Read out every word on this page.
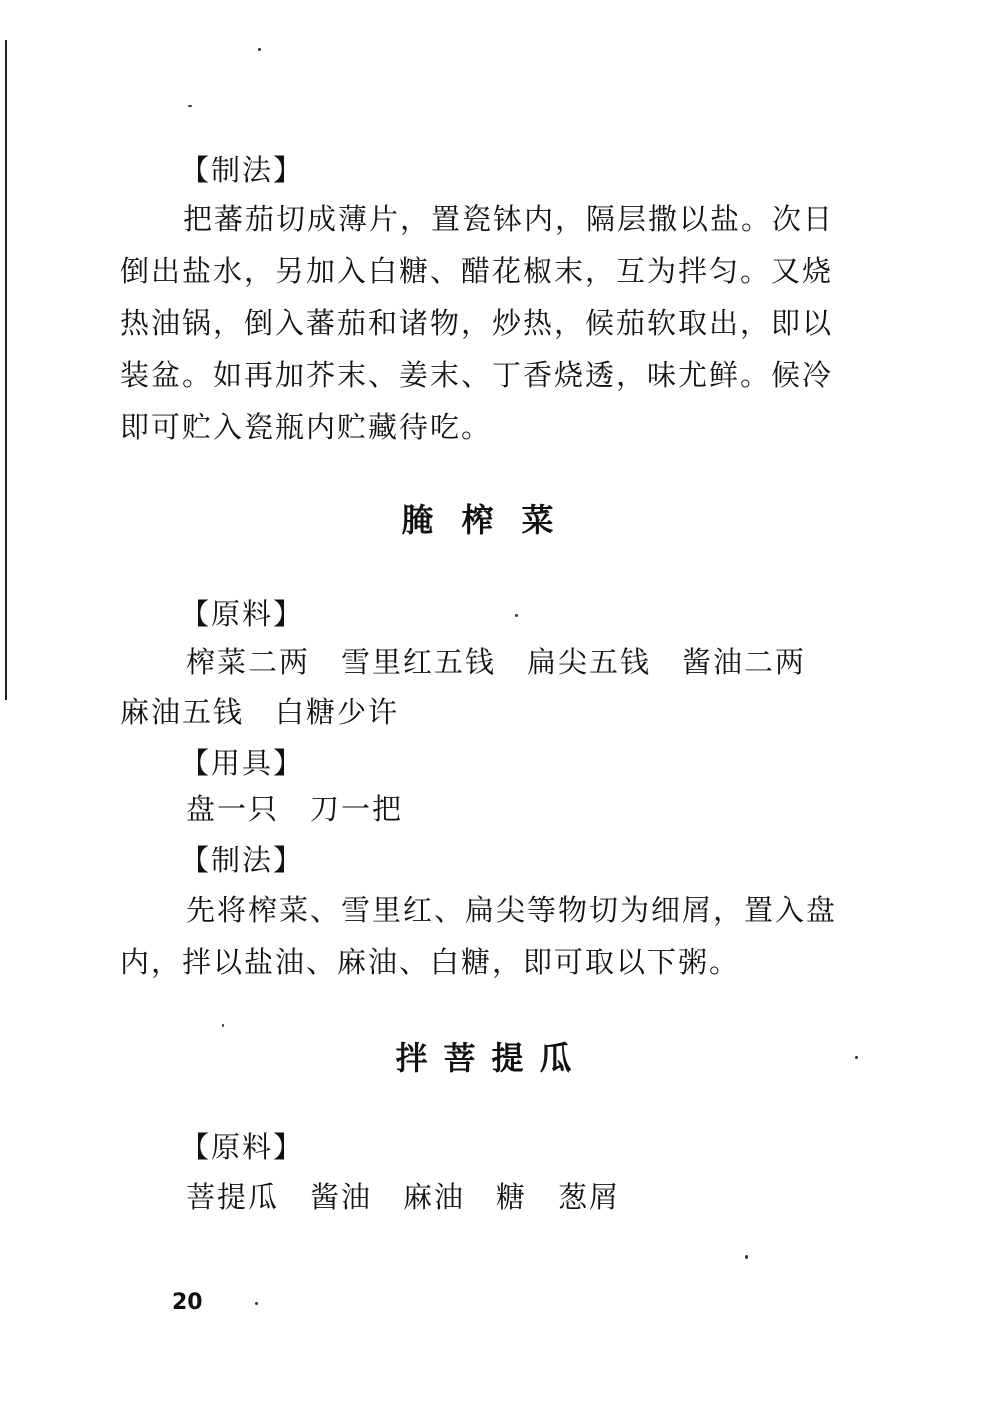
【制法】
把蕃茄切成薄片，置瓷钵内，隔层撒以盐。次日
倒出盐水，另加入白糖、醋花椒末，互为拌匀。又烧
热油锅，倒入蕃茄和诸物，炒热，候茄软取出，即以
装盆。如再加芥末、姜末、丁香烧透，味尤鲜。候冷
即可贮入瓷瓶内贮藏待吃。
腌榨菜
【原料】
榨菜二两　雪里红五钱　扁尖五钱　酱油二两
麻油五钱　白糖少许
【用具】
盘一只　刀一把
【制法】
先将榨菜、雪里红、扁尖等物切为细屑，置入盘
内，拌以盐油、麻油、白糖，即可取以下粥。
拌菩提瓜
【原料】
菩提瓜　酱油　麻油　糖　葱屑
20
